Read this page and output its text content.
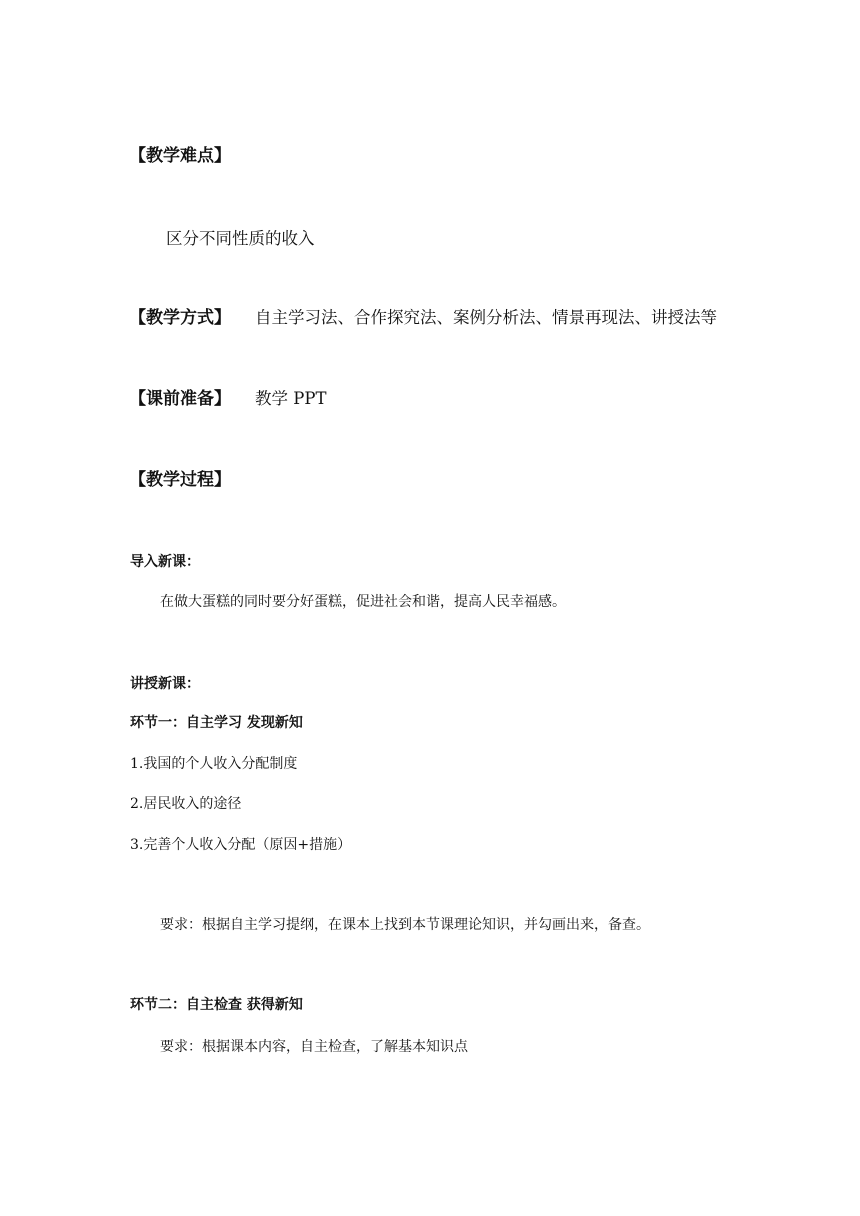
【教学难点】
区分不同性质的收入
【教学方式】 自主学习法、合作探究法、案例分析法、情景再现法、讲授法等
【课前准备】 教学 PPT
【教学过程】
导入新课：
在做大蛋糕的同时要分好蛋糕，促进社会和谐，提高人民幸福感。
讲授新课：
环节一：自主学习 发现新知
1.我国的个人收入分配制度
2.居民收入的途径
3.完善个人收入分配（原因+措施）
要求：根据自主学习提纲，在课本上找到本节课理论知识，并勾画出来，备查。
环节二：自主检查 获得新知
要求：根据课本内容，自主检查，了解基本知识点
